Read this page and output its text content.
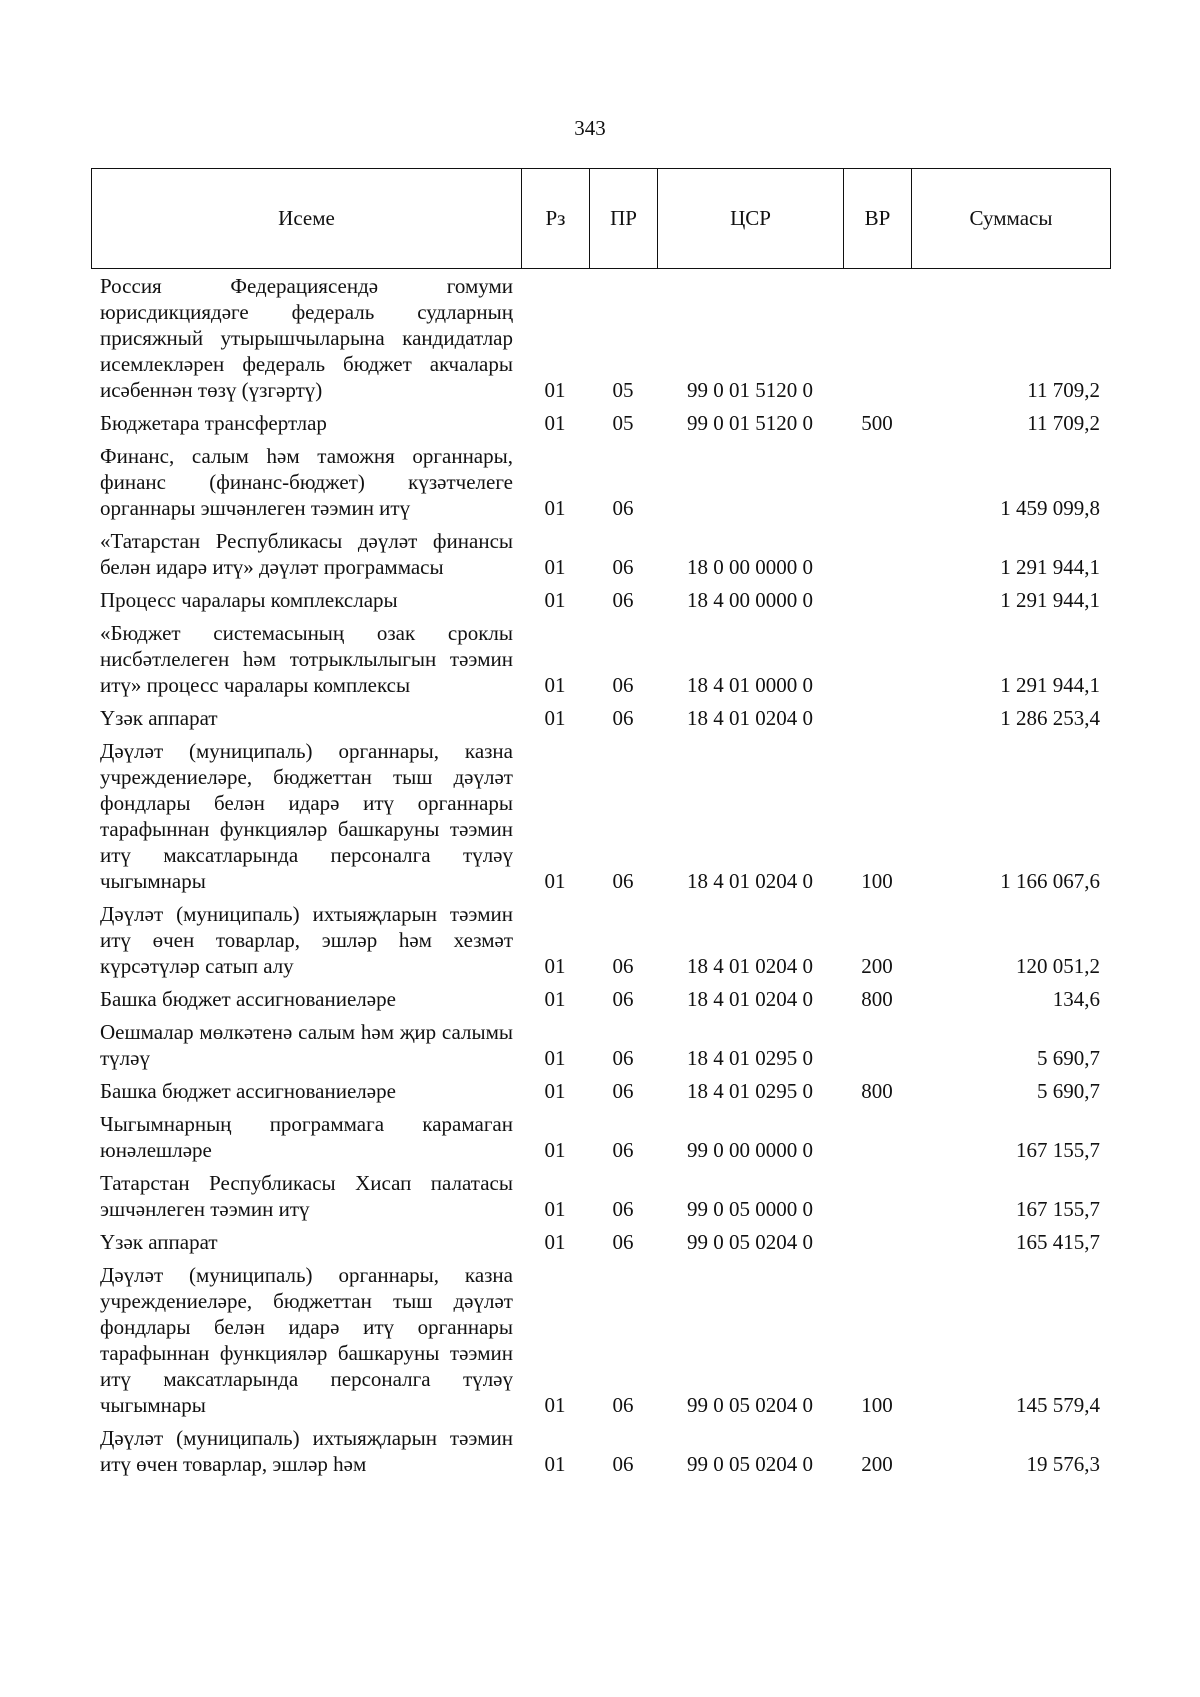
343
Исеме	Рз	ПР	ЦСР	ВР	Суммасы
Россия Федерациясендә гомуми юрисдикциядәге федераль судларның присяжный утырышчыларына кандидатлар исемлекләрен федераль бюджет акчалары исәбеннән төзү (үзгәртү)	01	05	99 0 01 5120 0		11 709,2
Бюджетара трансфертлар	01	05	99 0 01 5120 0	500	11 709,2
Финанс, салым һәм таможня органнары, финанс (финанс-бюджет) күзәтчелеге органнары эшчәнлеген тәэмин итү	01	06			1 459 099,8
«Татарстан Республикасы дәүләт финансы белән идарә итү» дәүләт программасы	01	06	18 0 00 0000 0		1 291 944,1
Процесс чаралары комплекслары	01	06	18 4 00 0000 0		1 291 944,1
«Бюджет системасының озак сроклы нисбәтлелеген һәм тотрыклылыгын тәэмин итү» процесс чаралары комплексы	01	06	18 4 01 0000 0		1 291 944,1
Үзәк аппарат	01	06	18 4 01 0204 0		1 286 253,4
Дәүләт (муниципаль) органнары, казна учреждениеләре, бюджеттан тыш дәүләт фондлары белән идарә итү органнары тарафыннан функцияләр башкаруны тәэмин итү максатларында персоналга түләү чыгымнары	01	06	18 4 01 0204 0	100	1 166 067,6
Дәүләт (муниципаль) ихтыяҗларын тәэмин итү өчен товарлар, эшләр һәм хезмәт күрсәтүләр сатып алу	01	06	18 4 01 0204 0	200	120 051,2
Башка бюджет ассигнованиеләре	01	06	18 4 01 0204 0	800	134,6
Оешмалар мөлкәтенә салым һәм җир салымы түләү	01	06	18 4 01 0295 0		5 690,7
Башка бюджет ассигнованиеләре	01	06	18 4 01 0295 0	800	5 690,7
Чыгымнарның программага карамаган юнәлешләре	01	06	99 0 00 0000 0		167 155,7
Татарстан Республикасы Хисап палатасы эшчәнлеген тәэмин итү	01	06	99 0 05 0000 0		167 155,7
Үзәк аппарат	01	06	99 0 05 0204 0		165 415,7
Дәүләт (муниципаль) органнары, казна учреждениеләре, бюджеттан тыш дәүләт фондлары белән идарә итү органнары тарафыннан функцияләр башкаруны тәэмин итү максатларында персоналга түләү чыгымнары	01	06	99 0 05 0204 0	100	145 579,4
Дәүләт (муниципаль) ихтыяҗларын тәэмин итү өчен товарлар, эшләр һәм	01	06	99 0 05 0204 0	200	19 576,3
